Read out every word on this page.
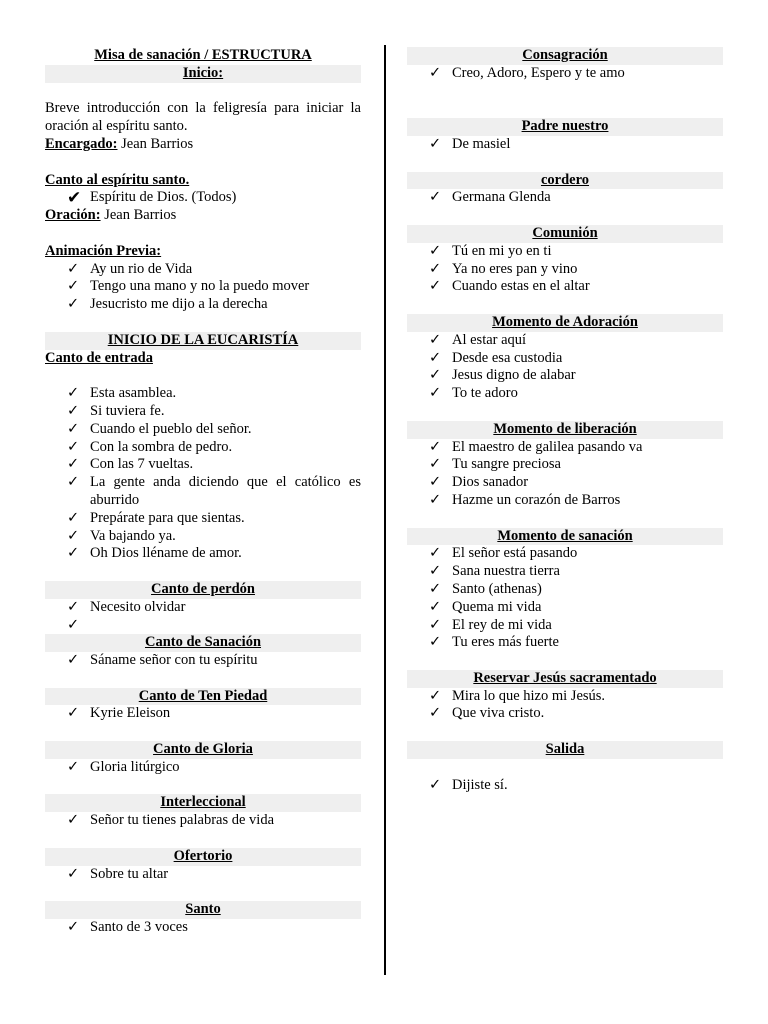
Misa de sanación / ESTRUCTURA
Inicio:
Breve introducción con la feligresía para iniciar la oración al espíritu santo.
Encargado: Jean Barrios
Canto al espíritu santo.
✔ Espíritu de Dios. (Todos)
Oración: Jean Barrios
Animación Previa:
✓ Ay un rio de Vida
✓ Tengo una mano y no la puedo mover
✓ Jesucristo me dijo a la derecha
INICIO DE LA EUCARISTÍA
Canto de entrada
✓ Esta asamblea.
✓ Si tuviera fe.
✓ Cuando el pueblo del señor.
✓ Con la sombra de pedro.
✓ Con las 7 vueltas.
✓ La gente anda diciendo que el católico es aburrido
✓ Prepárate para que sientas.
✓ Va bajando ya.
✓ Oh Dios lléname de amor.
Canto de perdón
✓ Necesito olvidar
✓
Canto de Sanación
✓ Sáname señor con tu espíritu
Canto de Ten Piedad
✓ Kyrie Eleison
Canto de Gloria
✓ Gloria litúrgico
Interleccional
✓ Señor tu tienes palabras de vida
Ofertorio
✓ Sobre tu altar
Santo
✓ Santo de 3 voces
Consagración
✓ Creo, Adoro, Espero y te amo
Padre nuestro
✓ De masiel
cordero
✓ Germana Glenda
Comunión
✓ Tú en mi yo en ti
✓ Ya no eres pan y vino
✓ Cuando estas en el altar
Momento de Adoración
✓ Al estar aquí
✓ Desde esa custodia
✓ Jesus digno de alabar
✓ To te adoro
Momento de liberación
✓ El maestro de galilea pasando va
✓ Tu sangre preciosa
✓ Dios sanador
✓ Hazme un corazón de Barros
Momento de sanación
✓ El señor está pasando
✓ Sana nuestra tierra
✓ Santo (athenas)
✓ Quema mi vida
✓ El rey de mi vida
✓ Tu eres más fuerte
Reservar Jesús sacramentado
✓ Mira lo que hizo mi Jesús.
✓ Que viva cristo.
Salida
✓ Dijiste sí.
